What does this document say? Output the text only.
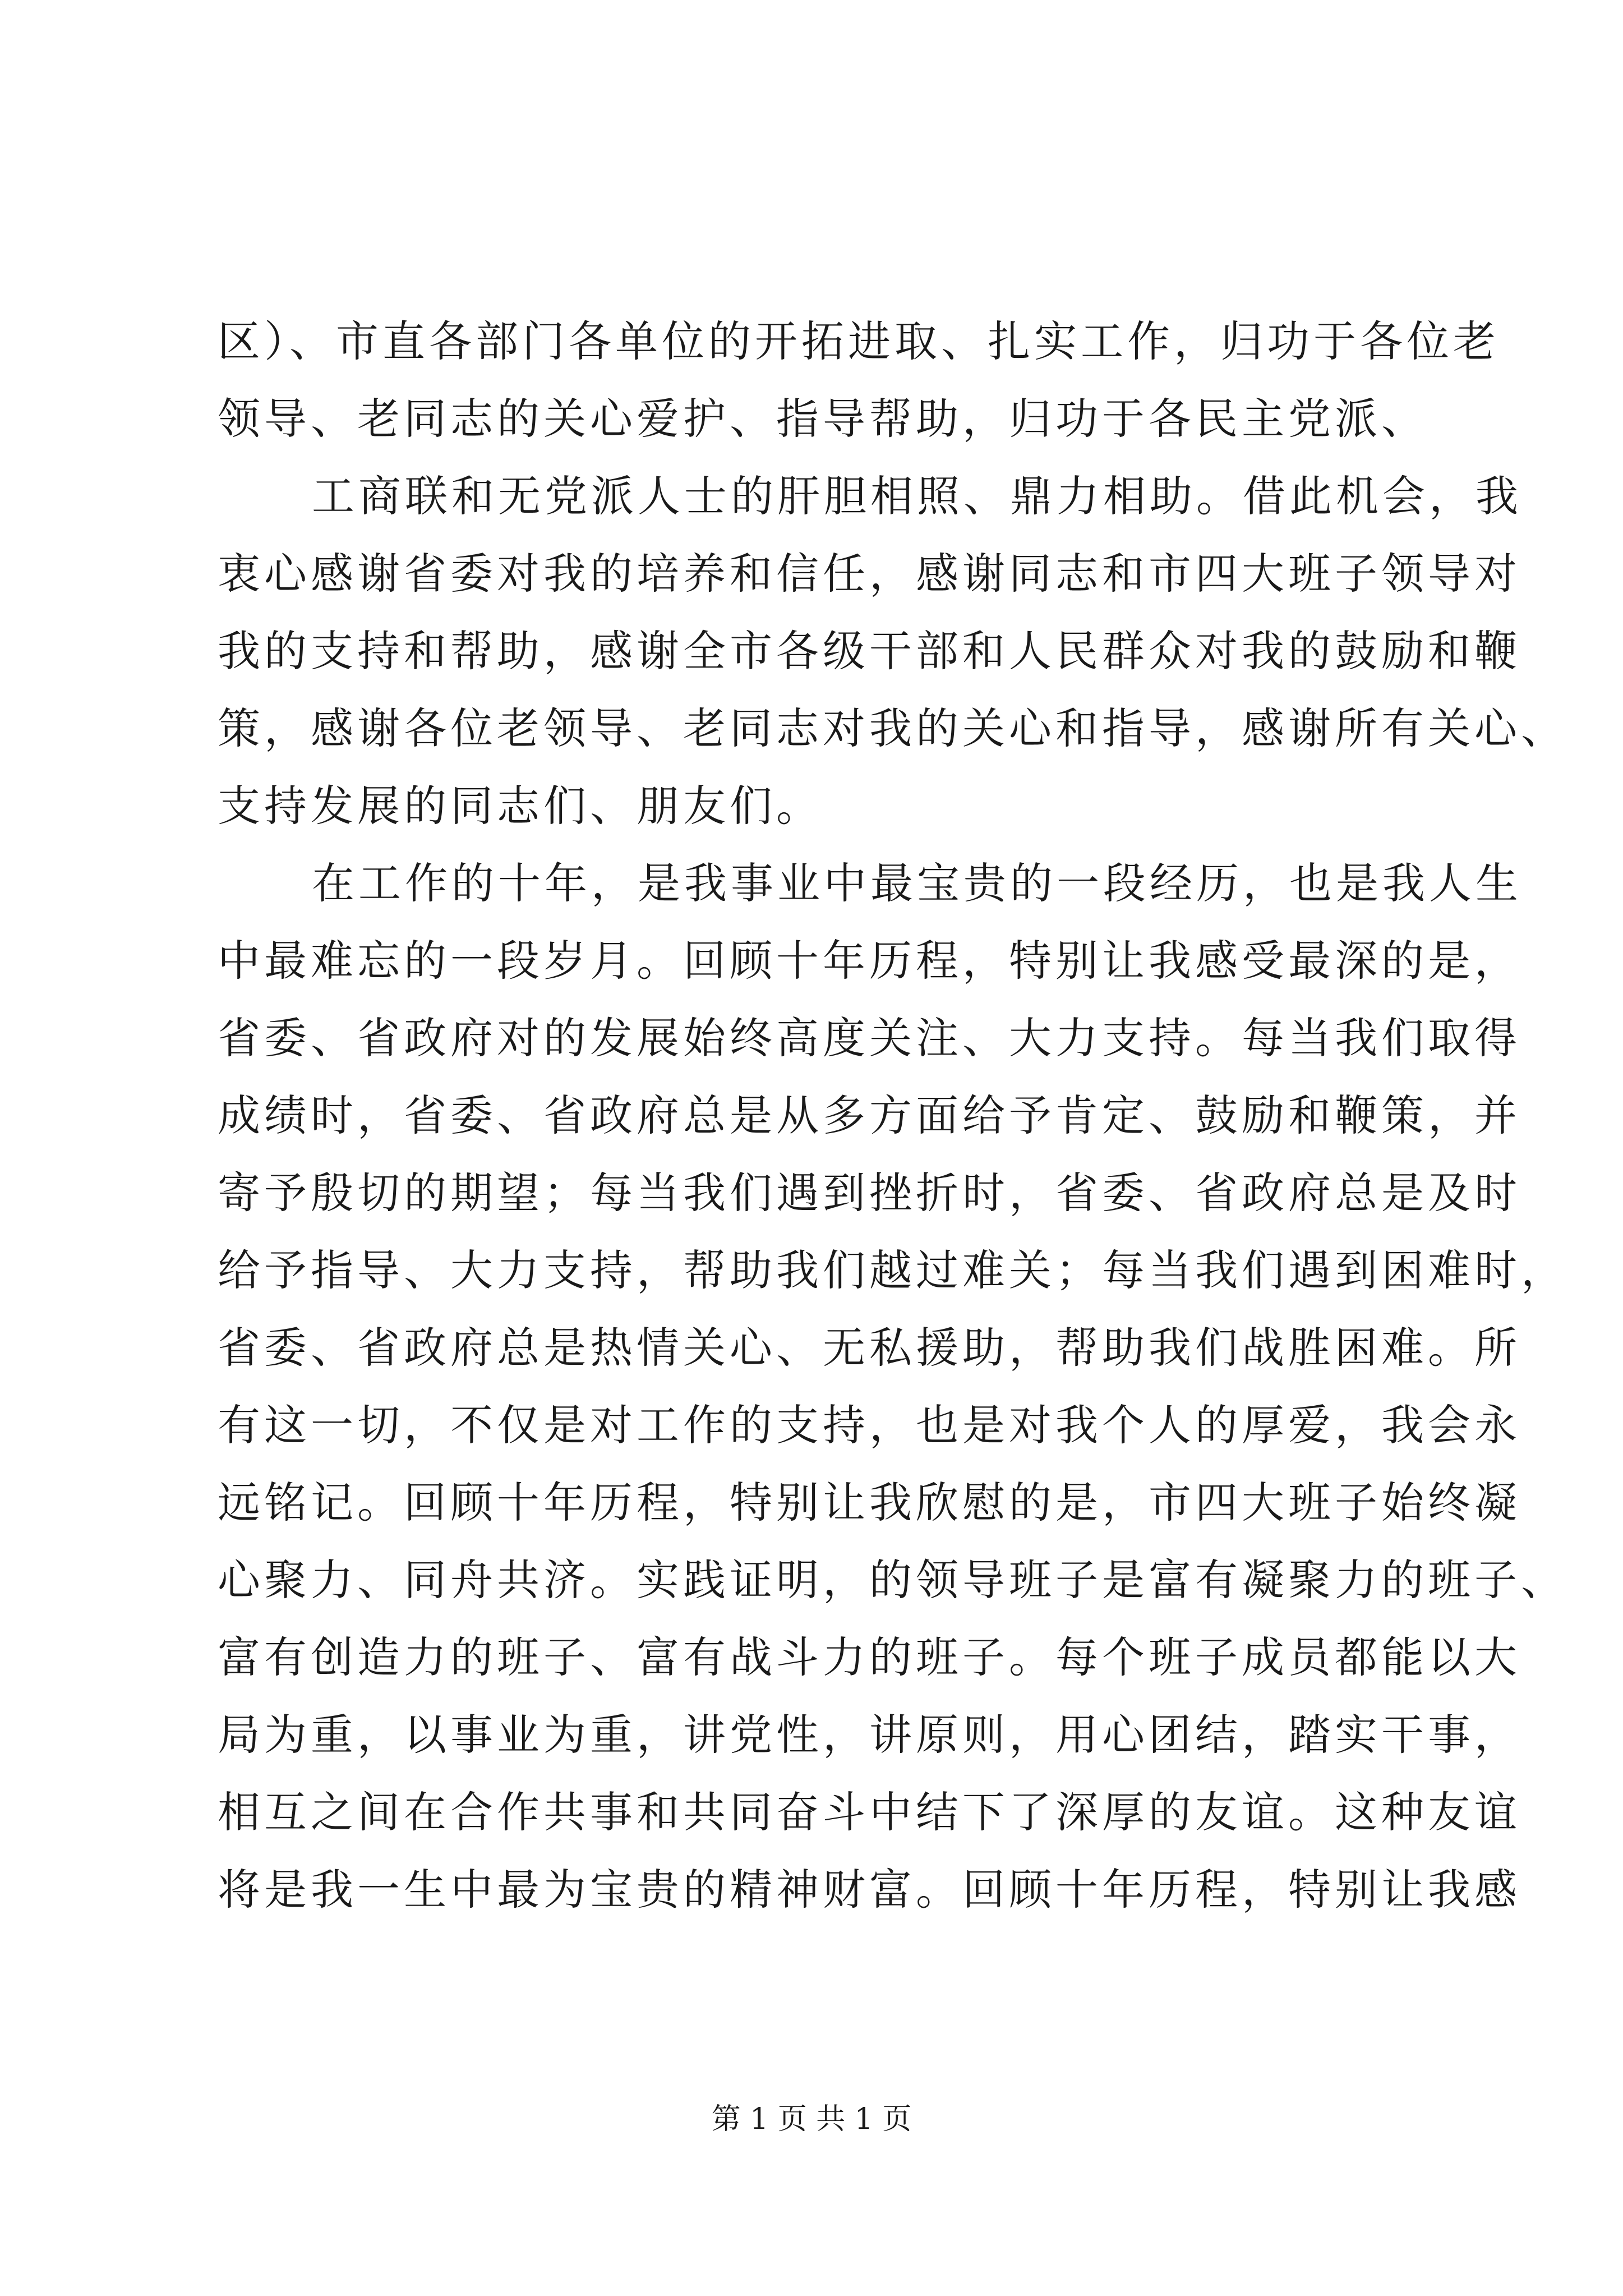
区）、市直各部门各单位的开拓进取、扎实工作，归功于各位老
领导、老同志的关心爱护、指导帮助，归功于各民主党派、
工商联和无党派人士的肝胆相照、鼎力相助。借此机会，我
衷心感谢省委对我的培养和信任，感谢同志和市四大班子领导对
我的支持和帮助，感谢全市各级干部和人民群众对我的鼓励和鞭
策，感谢各位老领导、老同志对我的关心和指导，感谢所有关心、
支持发展的同志们、朋友们。
在工作的十年，是我事业中最宝贵的一段经历，也是我人生
中最难忘的一段岁月。回顾十年历程，特别让我感受最深的是，
省委、省政府对的发展始终高度关注、大力支持。每当我们取得
成绩时，省委、省政府总是从多方面给予肯定、鼓励和鞭策，并
寄予殷切的期望；每当我们遇到挫折时，省委、省政府总是及时
给予指导、大力支持，帮助我们越过难关；每当我们遇到困难时，
省委、省政府总是热情关心、无私援助，帮助我们战胜困难。所
有这一切，不仅是对工作的支持，也是对我个人的厚爱，我会永
远铭记。回顾十年历程，特别让我欣慰的是，市四大班子始终凝
心聚力、同舟共济。实践证明，的领导班子是富有凝聚力的班子、
富有创造力的班子、富有战斗力的班子。每个班子成员都能以大
局为重，以事业为重，讲党性，讲原则，用心团结，踏实干事，
相互之间在合作共事和共同奋斗中结下了深厚的友谊。这种友谊
将是我一生中最为宝贵的精神财富。回顾十年历程，特别让我感
第 1 页 共 1 页
